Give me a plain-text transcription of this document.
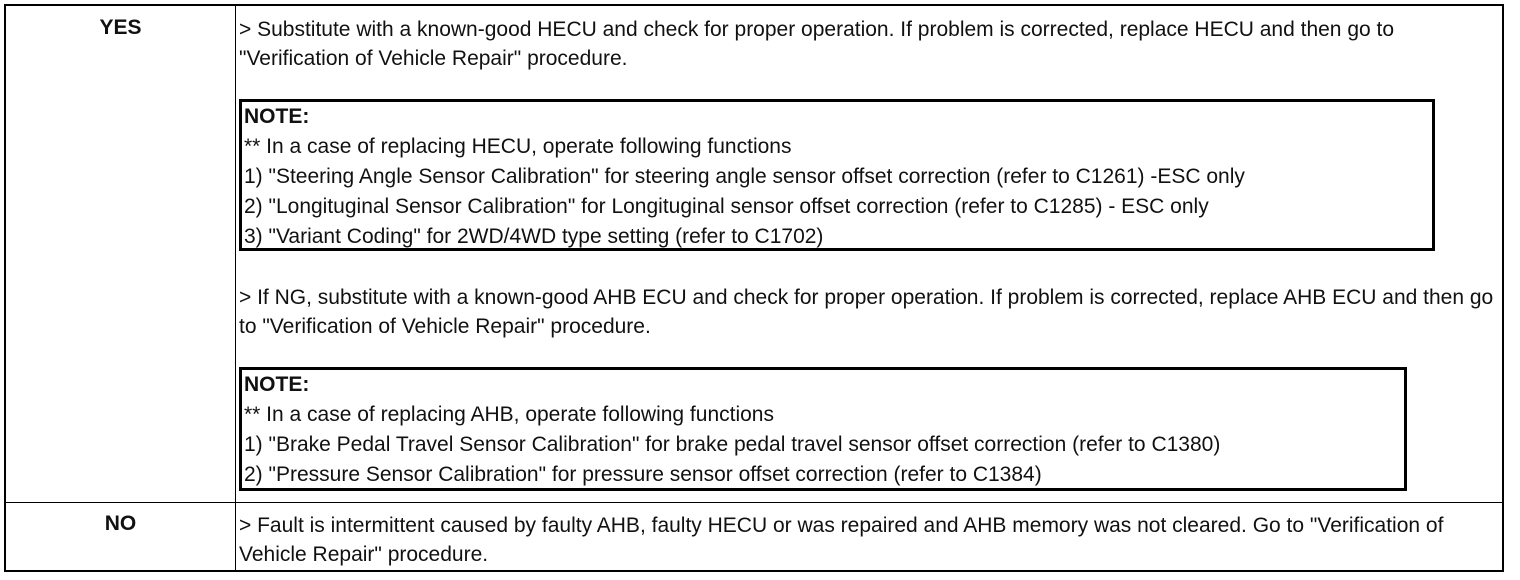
YES	> Substitute with a known-good HECU and check for proper operation. If problem is corrected, replace HECU and then go to "Verification of Vehicle Repair" procedure.
NOTE:
** In a case of replacing HECU, operate following functions
1) "Steering Angle Sensor Calibration" for steering angle sensor offset correction (refer to C1261) -ESC only
2) "Longituginal Sensor Calibration" for Longituginal sensor offset correction (refer to C1285) - ESC only
3) "Variant Coding" for 2WD/4WD type setting (refer to C1702)
> If NG, substitute with a known-good AHB ECU and check for proper operation. If problem is corrected, replace AHB ECU and then go to "Verification of Vehicle Repair" procedure.
NOTE:
** In a case of replacing AHB, operate following functions
1) "Brake Pedal Travel Sensor Calibration" for brake pedal travel sensor offset correction (refer to C1380)
2) "Pressure Sensor Calibration" for pressure sensor offset correction (refer to C1384)
NO	> Fault is intermittent caused by faulty AHB, faulty HECU or was repaired and AHB memory was not cleared. Go to "Verification of Vehicle Repair" procedure.
